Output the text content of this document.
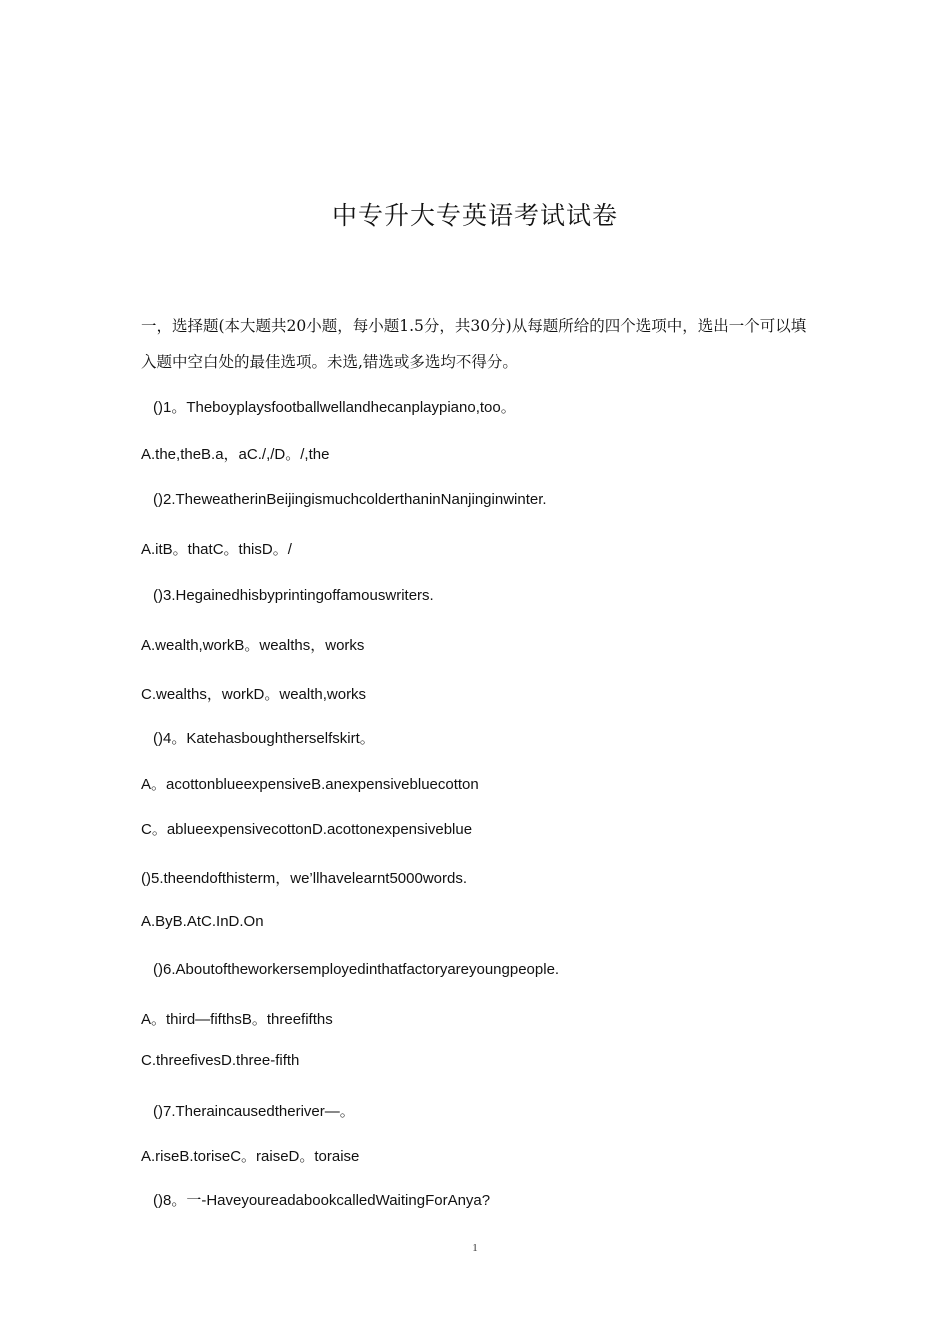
中专升大专英语考试试卷
一，选择题(本大题共20小题，每小题1.5分，共30分)从每题所给的四个选项中，选出一个可以填入题中空白处的最佳选项。未选,错选或多选均不得分。
()1。Theboyplaysfootballwellandhecanplaypiano,too。
A.the,theB.a，aC./,/D。/,the
()2.TheweatherinBeijingismuchcolderthaninNanjinginwinter.
A.itB。thatC。thisD。/
()3.Hegainedhisbyprintingoffamouswriters.
A.wealth,workB。wealths，works
C.wealths，workD。wealth,works
()4。Katehasboughtherselfskirt。
A。acottonblueexpensiveB.anexpensivebluecotton
C。ablueexpensivecottonD.acottonexpensiveblue
()5.theendofthisterm，we’llhavelearnt5000words.
A.ByB.AtC.InD.On
()6.Aboutoftheworkersemployedinthatfactoryareyoungpeople.
A。third—fifthsB。threefifths
C.threefivesD.three-fifth
()7.Theraincausedtheriver—。
A.riseB.toriseC。raiseD。toraise
()8。一-HaveyoureadabookcalledWaitingForAnya?
1
